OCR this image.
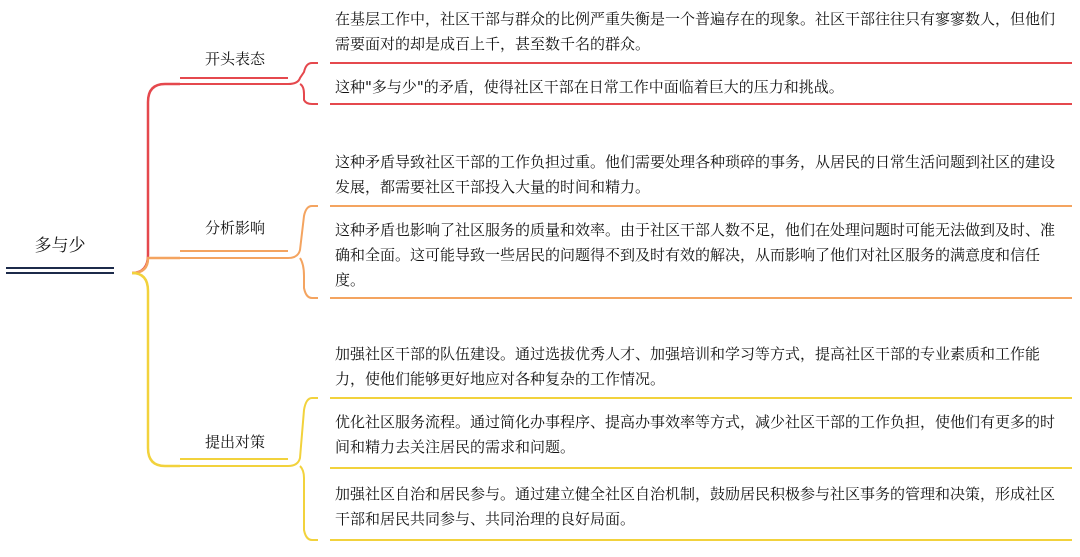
多与少
开头表态
分析影响
提出对策
在基层工作中，社区干部与群众的比例严重失衡是一个普遍存在的现象。社区干部往往只有寥寥数人，但他们需要面对的却是成百上千，甚至数千名的群众。
这种"多与少"的矛盾，使得社区干部在日常工作中面临着巨大的压力和挑战。
这种矛盾导致社区干部的工作负担过重。他们需要处理各种琐碎的事务，从居民的日常生活问题到社区的建设发展，都需要社区干部投入大量的时间和精力。
这种矛盾也影响了社区服务的质量和效率。由于社区干部人数不足，他们在处理问题时可能无法做到及时、准确和全面。这可能导致一些居民的问题得不到及时有效的解决，从而影响了他们对社区服务的满意度和信任度。
加强社区干部的队伍建设。通过选拔优秀人才、加强培训和学习等方式，提高社区干部的专业素质和工作能力，使他们能够更好地应对各种复杂的工作情况。
优化社区服务流程。通过简化办事程序、提高办事效率等方式，减少社区干部的工作负担，使他们有更多的时间和精力去关注居民的需求和问题。
加强社区自治和居民参与。通过建立健全社区自治机制，鼓励居民积极参与社区事务的管理和决策，形成社区干部和居民共同参与、共同治理的良好局面。
